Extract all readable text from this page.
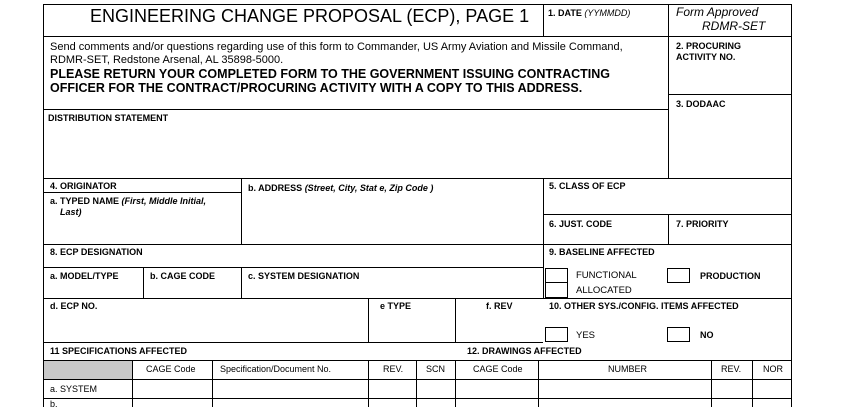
ENGINEERING CHANGE PROPOSAL (ECP), PAGE 1 1. DATE (YYMMDD)	Form Approved
RDMR-SET
Send comments and/or questions regarding use of this form to Commander, US Army Aviation and Missile Command,
RDMR-SET, Redstone Arsenal, AL 35898-5000.
PLEASE RETURN YOUR COMPLETED FORM TO THE GOVERNMENT ISSUING CONTRACTING
OFFICER FOR THE CONTRACT/PROCURING ACTIVITY WITH A COPY TO THIS ADDRESS.
2. PROCURING
ACTIVITY NO.
3. DODAAC
DISTRIBUTION STATEMENT
4. ORIGINATOR
a. TYPED NAME (First, Middle Initial,
Last)
b. ADDRESS (Street, City, Stat e, Zip Code )	5. CLASS OF ECP
6. JUST. CODE	7. PRIORITY
8. ECP DESIGNATION	9. BASELINE AFFECTED
a. MODEL/TYPE	b. CAGE CODE	c. SYSTEM DESIGNATION	FUNCTIONAL
ALLOCATED
PRODUCTION
d. ECP NO.	e TYPE	f. REV	10. OTHER SYS./CONFIG. ITEMS AFFECTED
YES	NO
11 SPECIFICATIONS AFFECTED	12. DRAWINGS AFFECTED
CAGE Code	Specification/Document No.	REV.	SCN	CAGE Code	NUMBER	REV. NOR
a. SYSTEM
b.
